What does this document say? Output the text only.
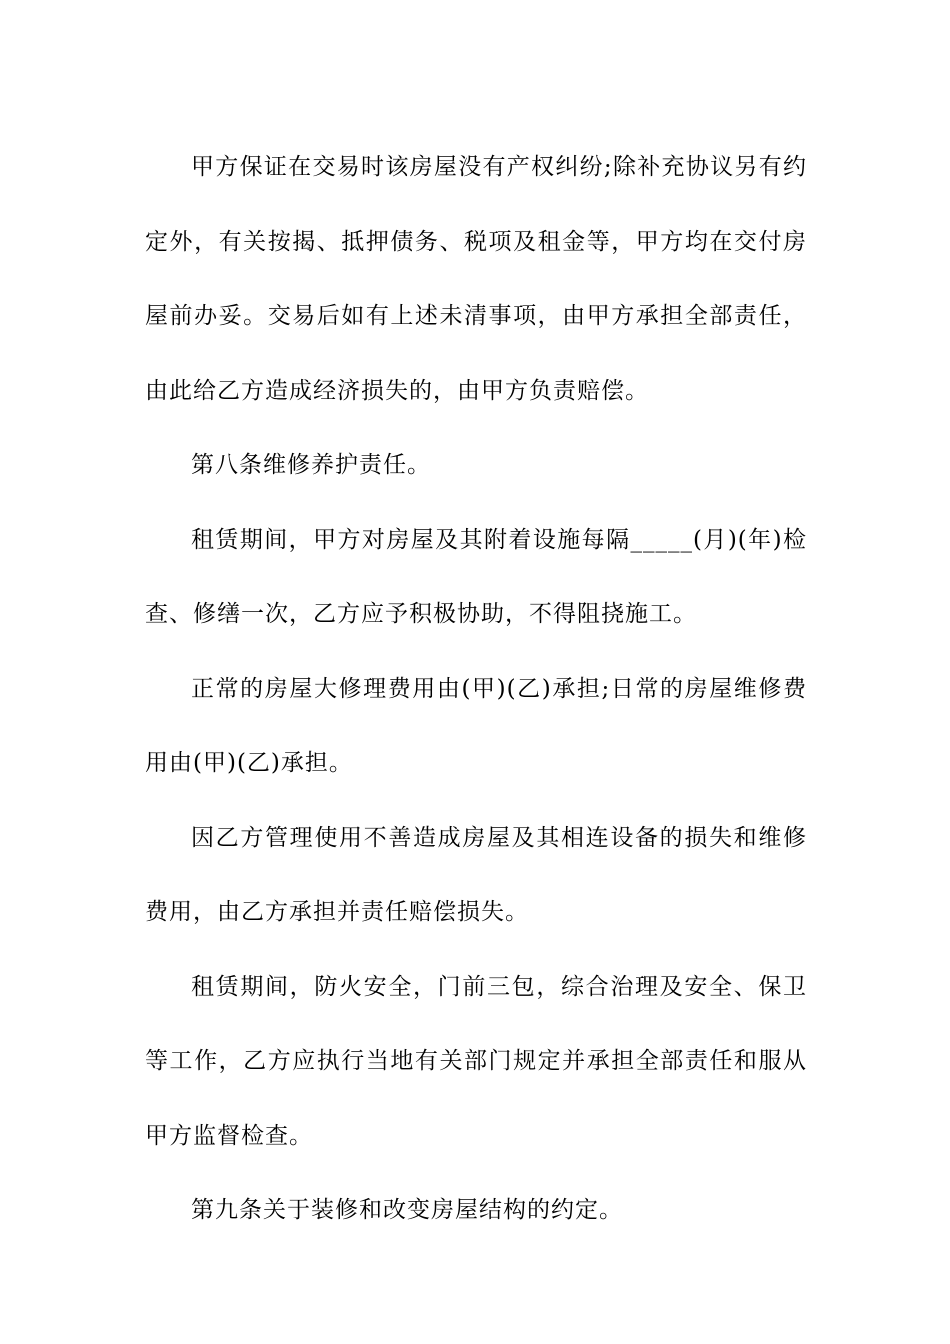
甲方保证在交易时该房屋没有产权纠纷;除补充协议另有约定外，有关按揭、抵押债务、税项及租金等，甲方均在交付房屋前办妥。交易后如有上述未清事项，由甲方承担全部责任，由此给乙方造成经济损失的，由甲方负责赔偿。

第八条维修养护责任。

租赁期间，甲方对房屋及其附着设施每隔_____(月)(年)检查、修缮一次，乙方应予积极协助，不得阻挠施工。

正常的房屋大修理费用由(甲)(乙)承担;日常的房屋维修费用由(甲)(乙)承担。

因乙方管理使用不善造成房屋及其相连设备的损失和维修费用，由乙方承担并责任赔偿损失。

租赁期间，防火安全，门前三包，综合治理及安全、保卫等工作，乙方应执行当地有关部门规定并承担全部责任和服从甲方监督检查。

第九条关于装修和改变房屋结构的约定。
